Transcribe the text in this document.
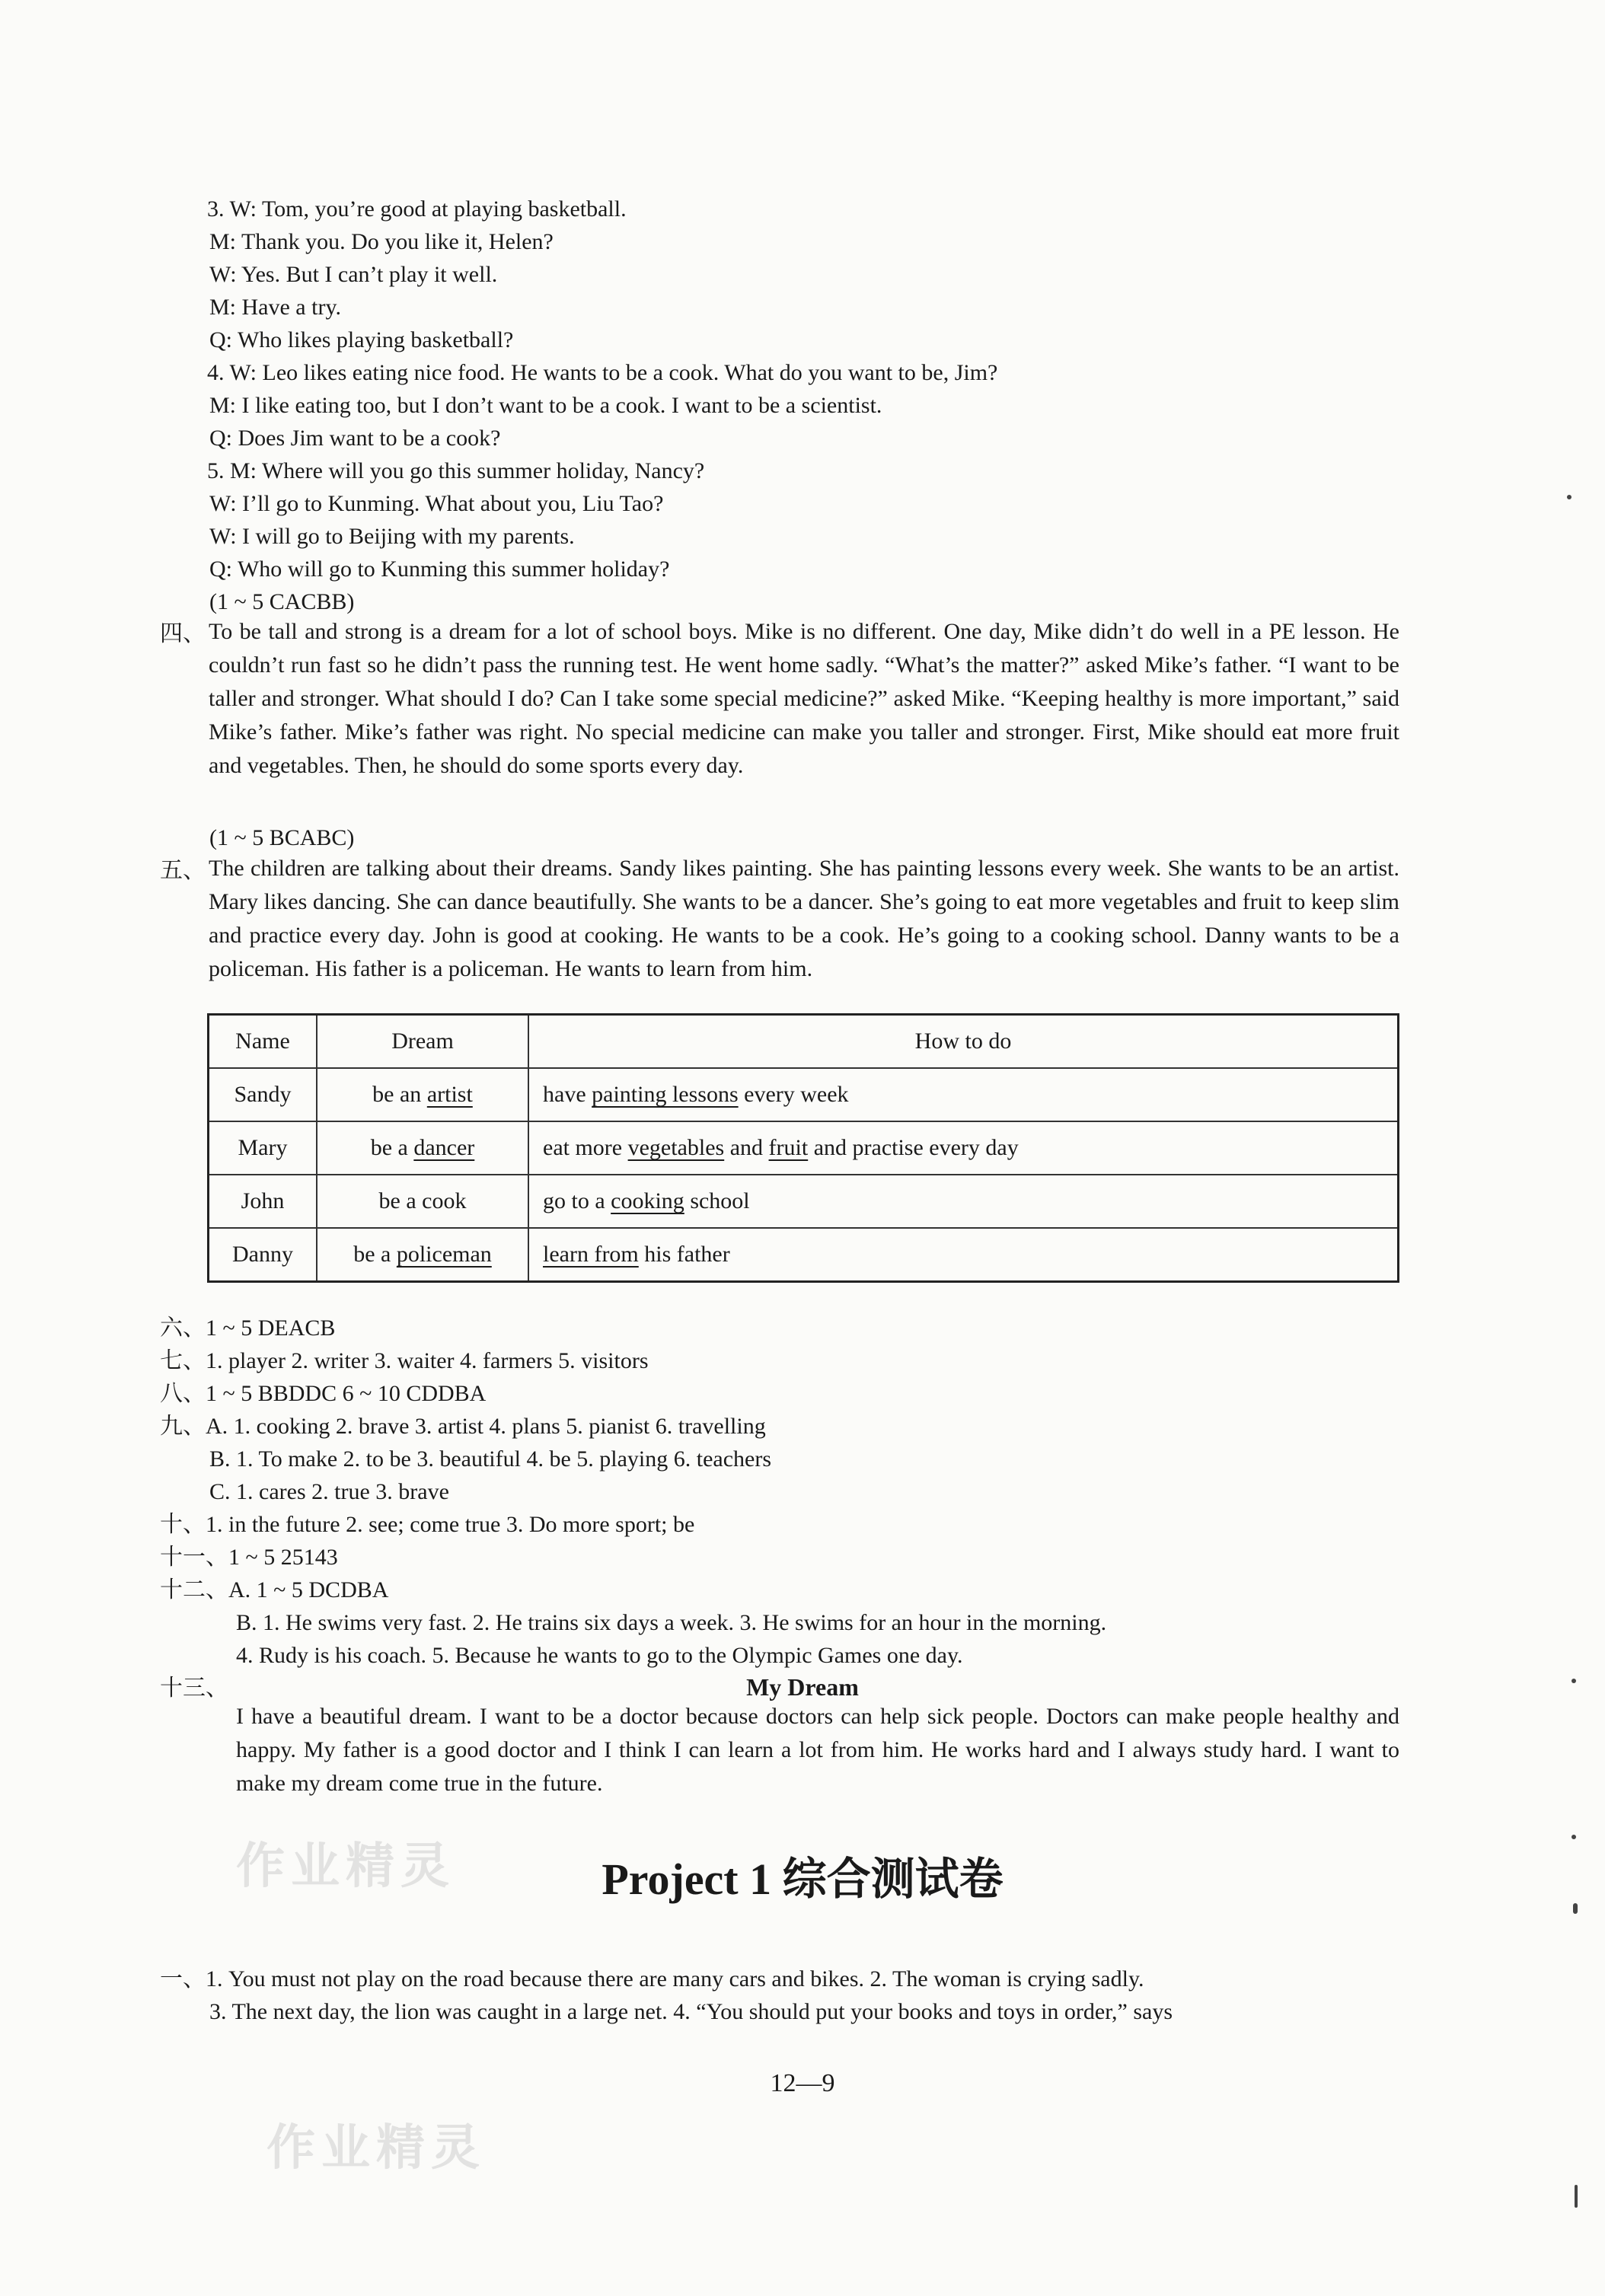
3. W: Tom, you’re good at playing basketball.
M: Thank you. Do you like it, Helen?
W: Yes. But I can’t play it well.
M: Have a try.
Q: Who likes playing basketball?
4. W: Leo likes eating nice food. He wants to be a cook. What do you want to be, Jim?
M: I like eating too, but I don’t want to be a cook. I want to be a scientist.
Q: Does Jim want to be a cook?
5. M: Where will you go this summer holiday, Nancy?
W: I’ll go to Kunming. What about you, Liu Tao?
W: I will go to Beijing with my parents.
Q: Who will go to Kunming this summer holiday?
(1 ~ 5 CACBB)
四、 To be tall and strong is a dream for a lot of school boys. Mike is no different. One day, Mike didn’t do well in a PE lesson. He couldn’t run fast so he didn’t pass the running test. He went home sadly. “What’s the matter?” asked Mike’s father. “I want to be taller and stronger. What should I do? Can I take some special medicine?” asked Mike. “Keeping healthy is more important,” said Mike’s father. Mike’s father was right. No special medicine can make you taller and stronger. First, Mike should eat more fruit and vegetables. Then, he should do some sports every day.
(1 ~ 5 BCABC)
五、 The children are talking about their dreams. Sandy likes painting. She has painting lessons every week. She wants to be an artist. Mary likes dancing. She can dance beautifully. She wants to be a dancer. She’s going to eat more vegetables and fruit to keep slim and practice every day. John is good at cooking. He wants to be a cook. He’s going to a cooking school. Danny wants to be a policeman. His father is a policeman. He wants to learn from him.
Name	Dream	How to do
Sandy	be an artist	have painting lessons every week
Mary	be a dancer	eat more vegetables and fruit and practise every day
John	be a cook	go to a cooking school
Danny	be a policeman	learn from his father
六、1 ~ 5 DEACB
七、1. player 2. writer 3. waiter 4. farmers 5. visitors
八、1 ~ 5 BBDDC 6 ~ 10 CDDBA
九、A. 1. cooking 2. brave 3. artist 4. plans 5. pianist 6. travelling
B. 1. To make 2. to be 3. beautiful 4. be 5. playing 6. teachers
C. 1. cares 2. true 3. brave
十、1. in the future 2. see; come true 3. Do more sport; be
十一、1 ~ 5 25143
十二、A. 1 ~ 5 DCDBA
B. 1. He swims very fast. 2. He trains six days a week. 3. He swims for an hour in the morning.
4. Rudy is his coach. 5. Because he wants to go to the Olympic Games one day.
十三、	My Dream
I have a beautiful dream. I want to be a doctor because doctors can help sick people. Doctors can make people healthy and happy. My father is a good doctor and I think I can learn a lot from him. He works hard and I always study hard. I want to make my dream come true in the future.
作业精灵
作业精灵
Project 1 综合测试卷
一、1. You must not play on the road because there are many cars and bikes. 2. The woman is crying sadly.
3. The next day, the lion was caught in a large net. 4. “You should put your books and toys in order,” says
12—9
